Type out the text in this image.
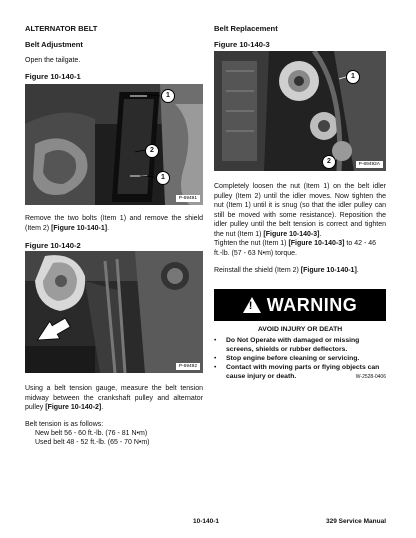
ALTERNATOR BELT

Belt Adjustment

Open the tailgate.

Figure 10-140-1

1
2
1
P-69491

Remove the two bolts (Item 1) and remove the shield (Item 2) [Figure 10-140-1].

Figure 10-140-2

P-69492

Using a belt tension gauge, measure the belt tension midway between the crankshaft pulley and alternator pulley [Figure 10-140-2].

Belt tension is as follows:

New belt 56 - 60 ft.-lb. (76 - 81 N•m)

Used belt 48 - 52 ft.-lb. (65 - 70 N•m)

Belt Replacement

Figure 10-140-3

1
2	P-69492A

Completely loosen the nut (Item 1) on the belt idler pulley (Item 2) until the idler moves. Now tighten the nut (Item 1) until it is snug (so that the idler pulley can still be moved with some resistance). Reposition the idler pulley until the belt tension is correct and tighten the nut (Item 1) [Figure 10-140-3].

Tighten the nut (Item 1) [Figure 10-140-3] to 42 - 46 ft.-lb. (57 - 63 N•m) torque.

Reinstall the shield (Item 2) [Figure 10-140-1].

! WARNING
AVOID INJURY OR DEATH
• Do Not Operate with damaged or missing screens, shields or rubber deflectors.
• Stop engine before cleaning or servicing.
• Contact with moving parts or flying objects can cause injury or death.	W-2528-0406
10-140-1	329 Service Manual
